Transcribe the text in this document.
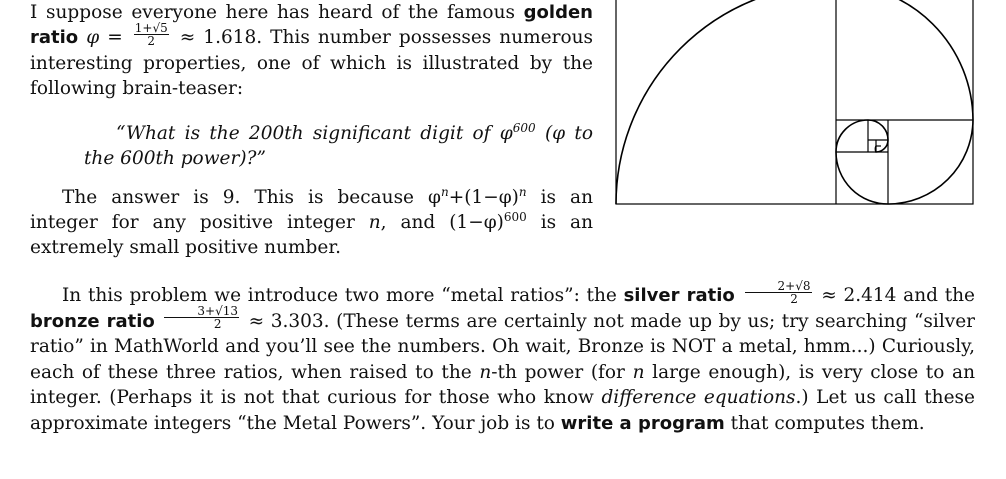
I suppose everyone here has heard of the famous golden ratio $\varphi = \frac{1+√5}{2} \approx 1.618$. This number possesses numerous interesting properties, one of which is illustrated by the following brain-teaser:

“What is the 200th significant digit of $\varphi^{600}$ (φ to the 600th power)?”

The answer is 9. This is because $\varphi^n+(1-\varphi)^n$ is an integer for any positive integer n, and $(1-\varphi)^{600}$ is an extremely small positive number.

In this problem we introduce two more “metal ratios”: the silver ratio $\frac{2+√8}{2} \approx 2.414$ and the bronze ratio $\frac{3+√13}{2} \approx 3.303$. (These terms are certainly not made up by us; try searching “silver ratio” in MathWorld and you’ll see the numbers. Oh wait, Bronze is NOT a metal, hmm...) Curiously, each of these three ratios, when raised to the n-th power (for n large enough), is very close to an integer. (Perhaps it is not that curious for those who know difference equations.) Let us call these approximate integers “the Metal Powers”. Your job is to write a program that computes them.
